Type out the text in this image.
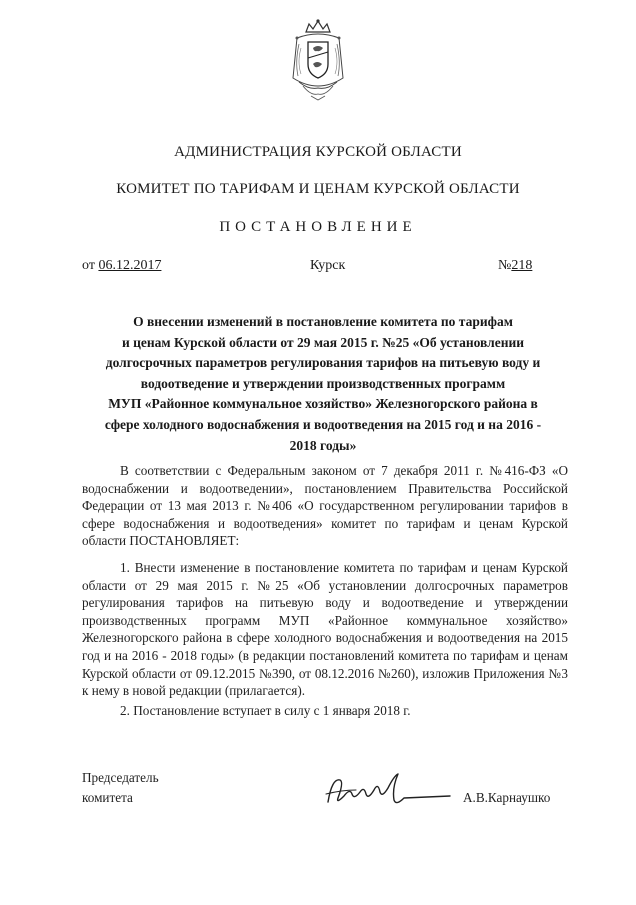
АДМИНИСТРАЦИЯ КУРСКОЙ ОБЛАСТИ
КОМИТЕТ ПО ТАРИФАМ И ЦЕНАМ КУРСКОЙ ОБЛАСТИ
ПОСТАНОВЛЕНИЕ
от 06.12.2017	Курск	№218
О внесении изменений в постановление комитета по тарифам
и ценам Курской области от 29 мая 2015 г. №25 «Об установлении
долгосрочных параметров регулирования тарифов на питьевую воду и
водоотведение и утверждении производственных программ
МУП «Районное коммунальное хозяйство» Железногорского района в
сфере холодного водоснабжения и водоотведения на 2015 год и на 2016 -
2018 годы»
В соответствии с Федеральным законом от 7 декабря 2011 г. №416-ФЗ «О водоснабжении и водоотведении», постановлением Правительства Российской Федерации от 13 мая 2013 г. №406 «О государственном регулировании тарифов в сфере водоснабжения и водоотведения» комитет по тарифам и ценам Курской области ПОСТАНОВЛЯЕТ:
1. Внести изменение в постановление комитета по тарифам и ценам Курской области от 29 мая 2015 г. №25 «Об установлении долгосрочных параметров регулирования тарифов на питьевую воду и водоотведение и утверждении производственных программ МУП «Районное коммунальное хозяйство» Железногорского района в сфере холодного водоснабжения и водоотведения на 2015 год и на 2016 - 2018 годы» (в редакции постановлений комитета по тарифам и ценам Курской области от 09.12.2015 №390, от 08.12.2016 №260), изложив Приложения №3 к нему в новой редакции (прилагается).
2. Постановление вступает в силу с 1 января 2018 г.
Председатель
комитета	А.В.Карнаушко
